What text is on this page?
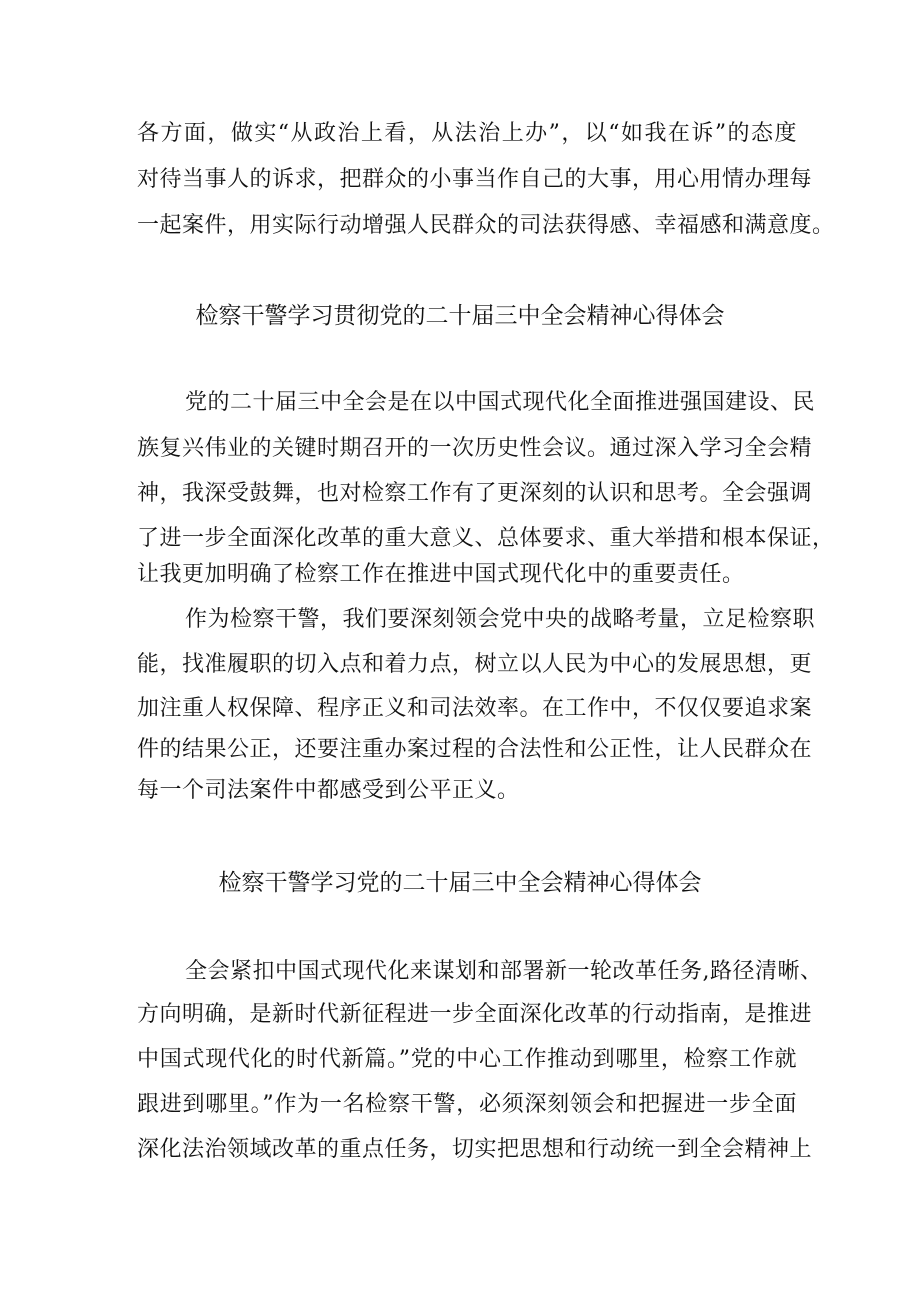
各方面，做实“从政治上看，从法治上办”，以“如我在诉”的态度
对待当事人的诉求，把群众的小事当作自己的大事，用心用情办理每
一起案件，用实际行动增强人民群众的司法获得感、幸福感和满意度。
检察干警学习贯彻党的二十届三中全会精神心得体会
党的二十届三中全会是在以中国式现代化全面推进强国建设、民
族复兴伟业的关键时期召开的一次历史性会议。通过深入学习全会精
神，我深受鼓舞，也对检察工作有了更深刻的认识和思考。全会强调
了进一步全面深化改革的重大意义、总体要求、重大举措和根本保证，
让我更加明确了检察工作在推进中国式现代化中的重要责任。
作为检察干警，我们要深刻领会党中央的战略考量，立足检察职
能，找准履职的切入点和着力点，树立以人民为中心的发展思想，更
加注重人权保障、程序正义和司法效率。在工作中，不仅仅要追求案
件的结果公正，还要注重办案过程的合法性和公正性，让人民群众在
每一个司法案件中都感受到公平正义。
检察干警学习党的二十届三中全会精神心得体会
全会紧扣中国式现代化来谋划和部署新一轮改革任务,路径清晰、
方向明确，是新时代新征程进一步全面深化改革的行动指南，是推进
中国式现代化的时代新篇。”党的中心工作推动到哪里，检察工作就
跟进到哪里。”作为一名检察干警，必须深刻领会和把握进一步全面
深化法治领域改革的重点任务，切实把思想和行动统一到全会精神上
